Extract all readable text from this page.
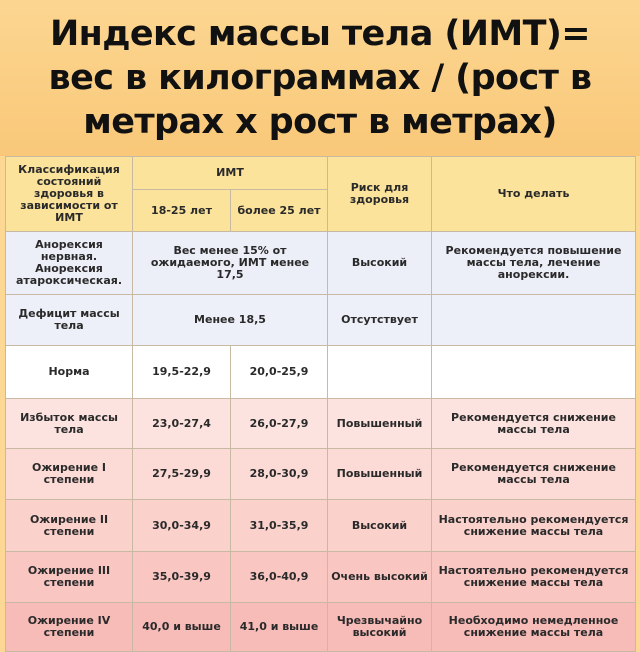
Индекс массы тела (ИМТ)= вес в килограммах / (рост в метрах х рост в метрах)
Классификация состояний здоровья в зависимости от ИМТ	ИМТ		Риск для здоровья	Что делать
	18-25 лет	более 25 лет		
Анорексия нервная. Анорексия атароксическая.	Вес менее 15% от ожидаемого, ИМТ менее 17,5		Высокий	Рекомендуется повышение массы тела, лечение анорексии.
Дефицит массы тела	Менее 18,5		Отсутствует	
Норма	19,5-22,9	20,0-25,9		
Избыток массы тела	23,0-27,4	26,0-27,9	Повышенный	Рекомендуется снижение массы тела
Ожирение I степени	27,5-29,9	28,0-30,9	Повышенный	Рекомендуется снижение массы тела
Ожирение II степени	30,0-34,9	31,0-35,9	Высокий	Настоятельно рекомендуется снижение массы тела
Ожирение III степени	35,0-39,9	36,0-40,9	Очень высокий	Настоятельно рекомендуется снижение массы тела
Ожирение IV степени	40,0 и выше	41,0 и выше	Чрезвычайно высокий	Необходимо немедленное снижение массы тела
